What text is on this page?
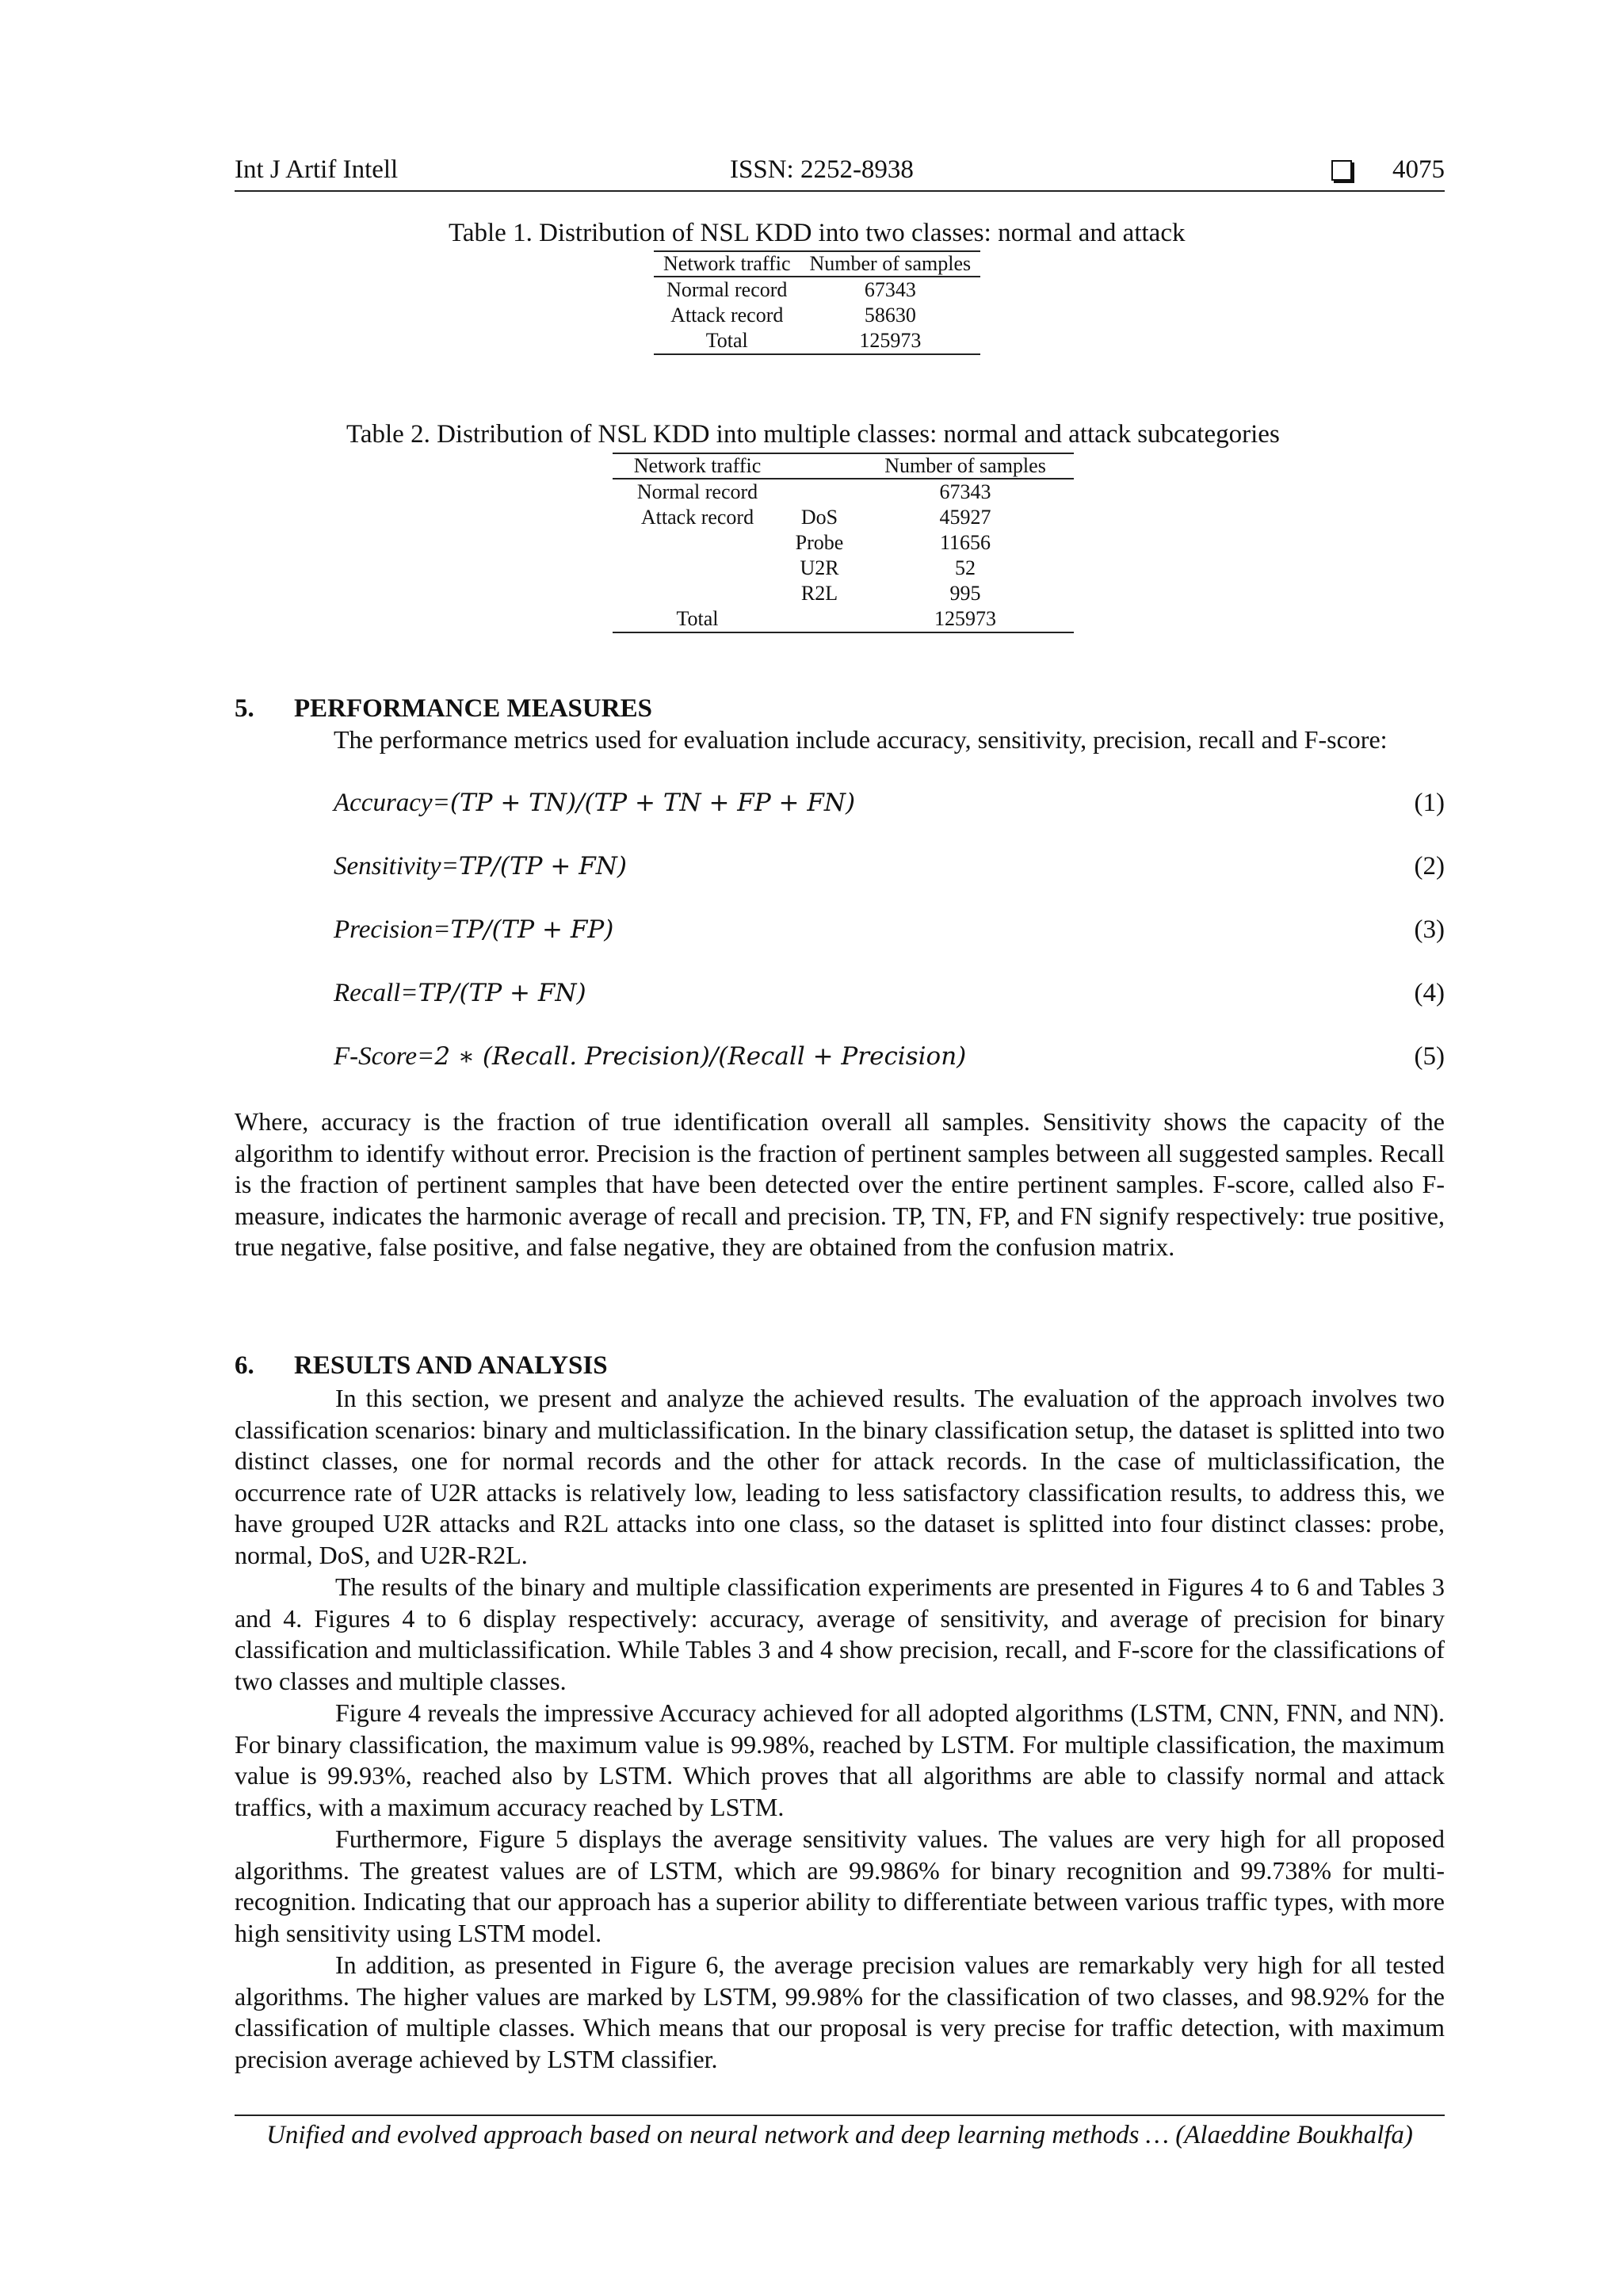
Int J Artif Intell	ISSN: 2252-8938	4075
Table 1. Distribution of NSL KDD into two classes: normal and attack
Network traffic	Number of samples
Normal record	67343
Attack record	58630
Total	125973
Table 2. Distribution of NSL KDD into multiple classes: normal and attack subcategories
Network traffic		Number of samples
Normal record		67343
Attack record	DoS	45927
	Probe	11656
	U2R	52
	R2L	995
Total		125973
5. PERFORMANCE MEASURES
The performance metrics used for evaluation include accuracy, sensitivity, precision, recall and F-score:
Accuracy=(TP + TN)/(TP + TN + FP + FN)	(1)
Sensitivity=TP/(TP + FN)	(2)
Precision=TP/(TP + FP)	(3)
Recall=TP/(TP + FN)	(4)
F-Score=2 ∗ (Recall. Precision)/(Recall + Precision)	(5)
Where, accuracy is the fraction of true identification overall all samples. Sensitivity shows the capacity of the algorithm to identify without error. Precision is the fraction of pertinent samples between all suggested samples. Recall is the fraction of pertinent samples that have been detected over the entire pertinent samples. F-score, called also F-measure, indicates the harmonic average of recall and precision. TP, TN, FP, and FN signify respectively: true positive, true negative, false positive, and false negative, they are obtained from the confusion matrix.
6. RESULTS AND ANALYSIS
In this section, we present and analyze the achieved results. The evaluation of the approach involves two classification scenarios: binary and multiclassification. In the binary classification setup, the dataset is splitted into two distinct classes, one for normal records and the other for attack records. In the case of multiclassification, the occurrence rate of U2R attacks is relatively low, leading to less satisfactory classification results, to address this, we have grouped U2R attacks and R2L attacks into one class, so the dataset is splitted into four distinct classes: probe, normal, DoS, and U2R-R2L.
The results of the binary and multiple classification experiments are presented in Figures 4 to 6 and Tables 3 and 4. Figures 4 to 6 display respectively: accuracy, average of sensitivity, and average of precision for binary classification and multiclassification. While Tables 3 and 4 show precision, recall, and F-score for the classifications of two classes and multiple classes.
Figure 4 reveals the impressive Accuracy achieved for all adopted algorithms (LSTM, CNN, FNN, and NN). For binary classification, the maximum value is 99.98%, reached by LSTM. For multiple classification, the maximum value is 99.93%, reached also by LSTM. Which proves that all algorithms are able to classify normal and attack traffics, with a maximum accuracy reached by LSTM.
Furthermore, Figure 5 displays the average sensitivity values. The values are very high for all proposed algorithms. The greatest values are of LSTM, which are 99.986% for binary recognition and 99.738% for multi-recognition. Indicating that our approach has a superior ability to differentiate between various traffic types, with more high sensitivity using LSTM model.
In addition, as presented in Figure 6, the average precision values are remarkably very high for all tested algorithms. The higher values are marked by LSTM, 99.98% for the classification of two classes, and 98.92% for the classification of multiple classes. Which means that our proposal is very precise for traffic detection, with maximum precision average achieved by LSTM classifier.
Unified and evolved approach based on neural network and deep learning methods … (Alaeddine Boukhalfa)
